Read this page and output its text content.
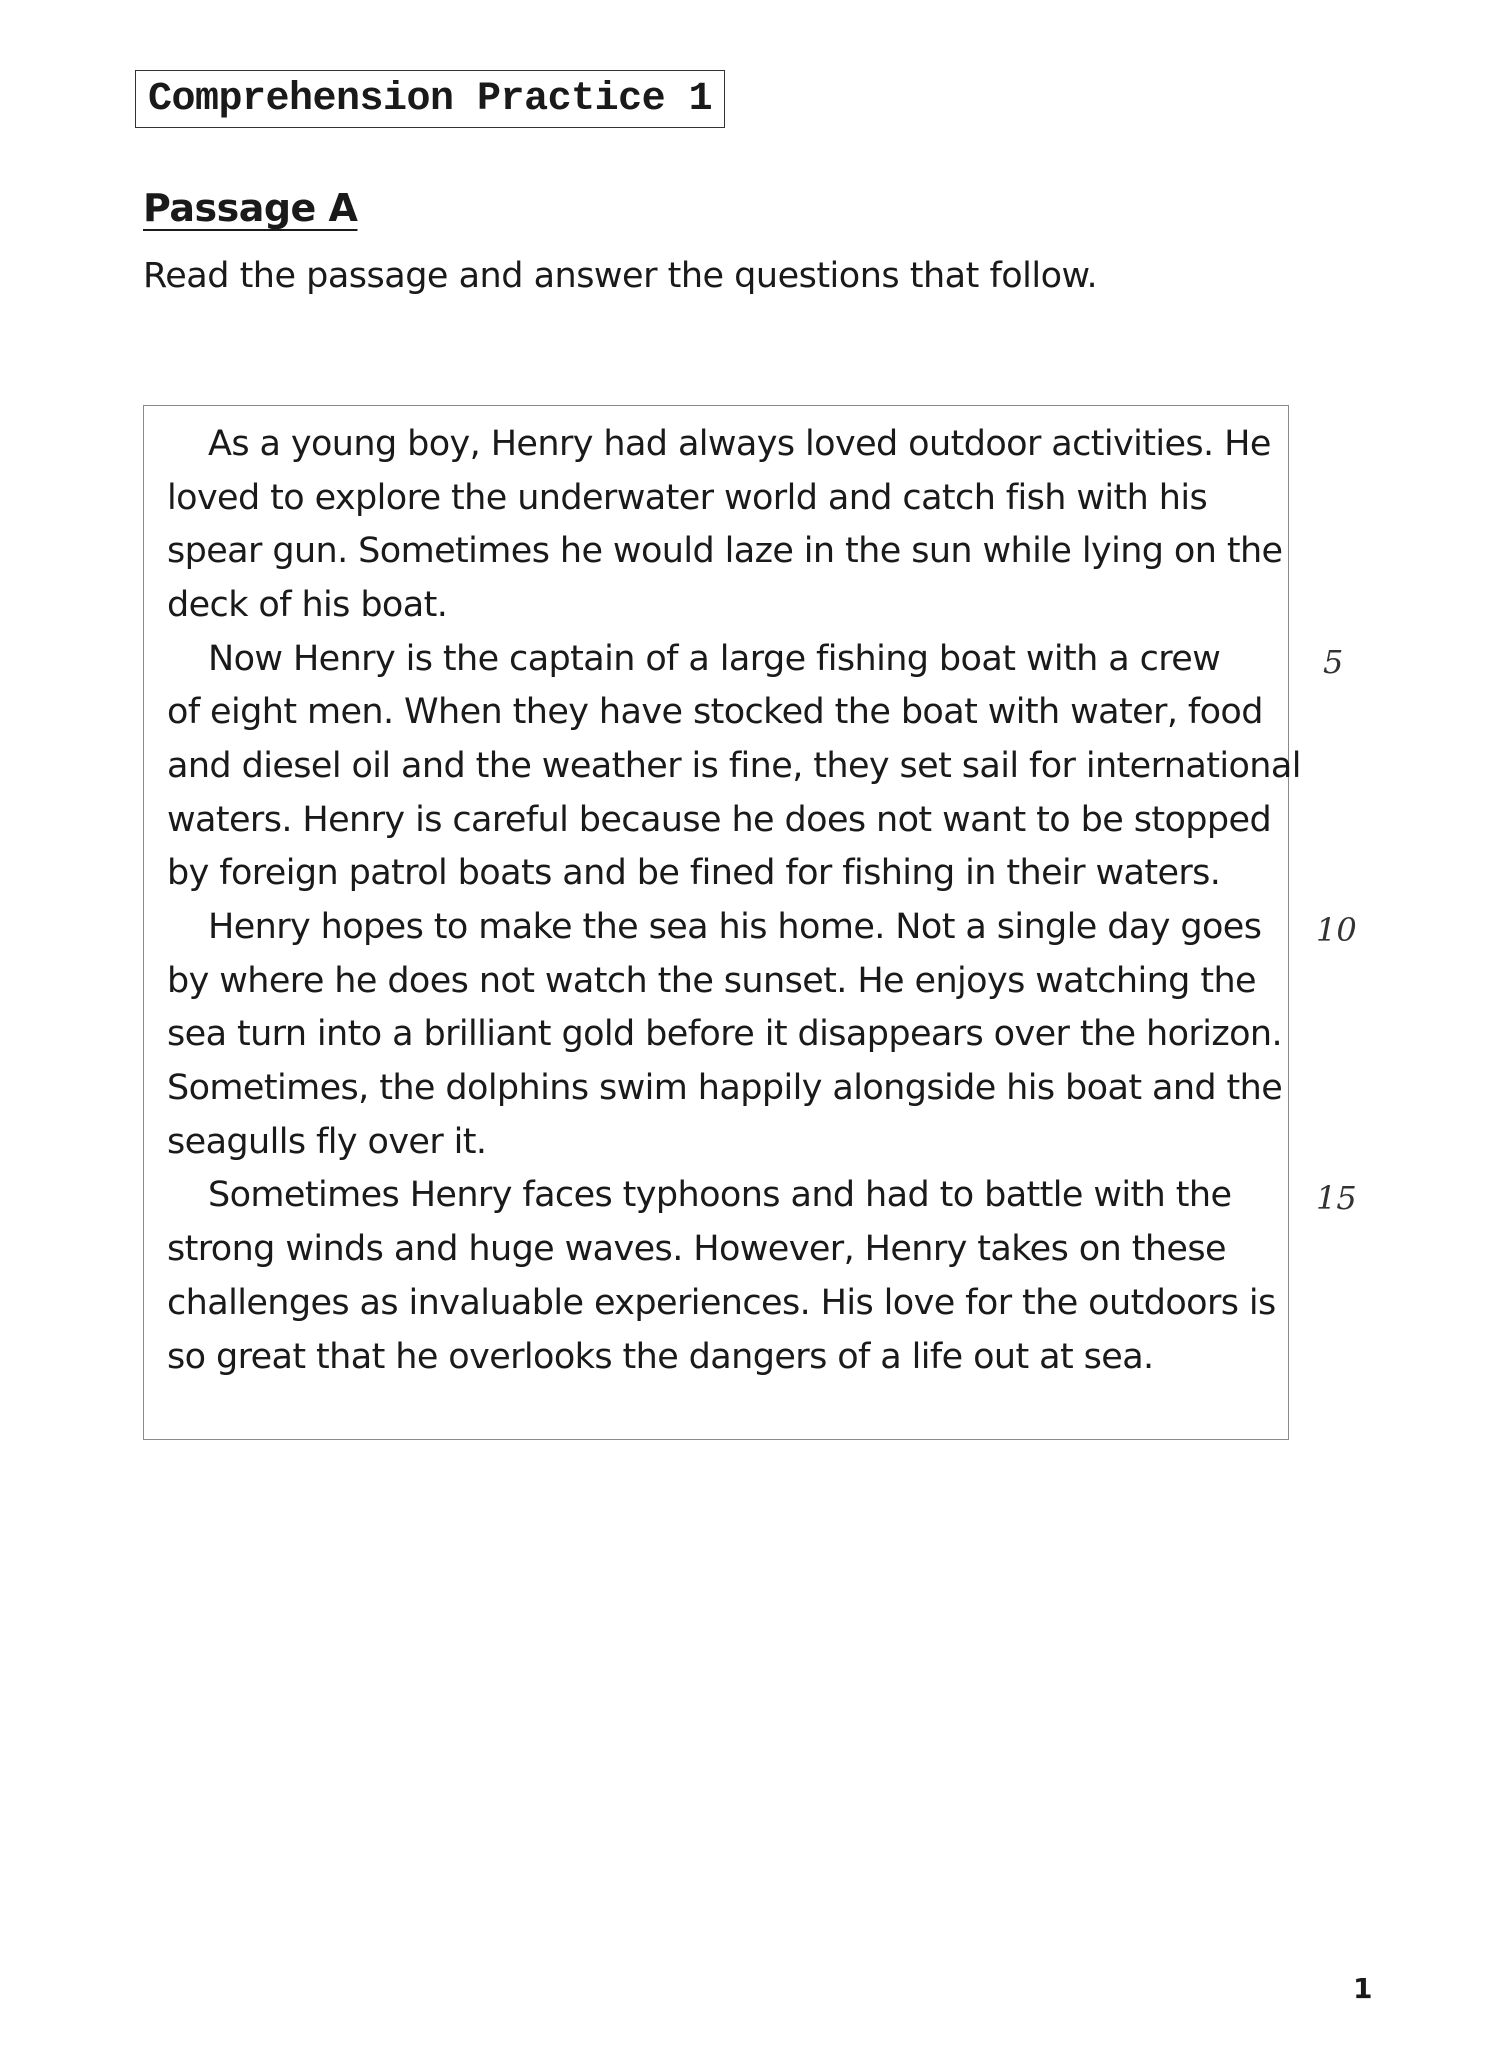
Comprehension Practice 1
Passage A
Read the passage and answer the questions that follow.
As a young boy, Henry had always loved outdoor activities. He
loved to explore the underwater world and catch fish with his
spear gun. Sometimes he would laze in the sun while lying on the
deck of his boat.
Now Henry is the captain of a large fishing boat with a crew
of eight men. When they have stocked the boat with water, food
and diesel oil and the weather is fine, they set sail for international
waters. Henry is careful because he does not want to be stopped
by foreign patrol boats and be fined for fishing in their waters.
Henry hopes to make the sea his home. Not a single day goes
by where he does not watch the sunset. He enjoys watching the
sea turn into a brilliant gold before it disappears over the horizon.
Sometimes, the dolphins swim happily alongside his boat and the
seagulls fly over it.
Sometimes Henry faces typhoons and had to battle with the
strong winds and huge waves. However, Henry takes on these
challenges as invaluable experiences. His love for the outdoors is
so great that he overlooks the dangers of a life out at sea.
5
10
15
1
